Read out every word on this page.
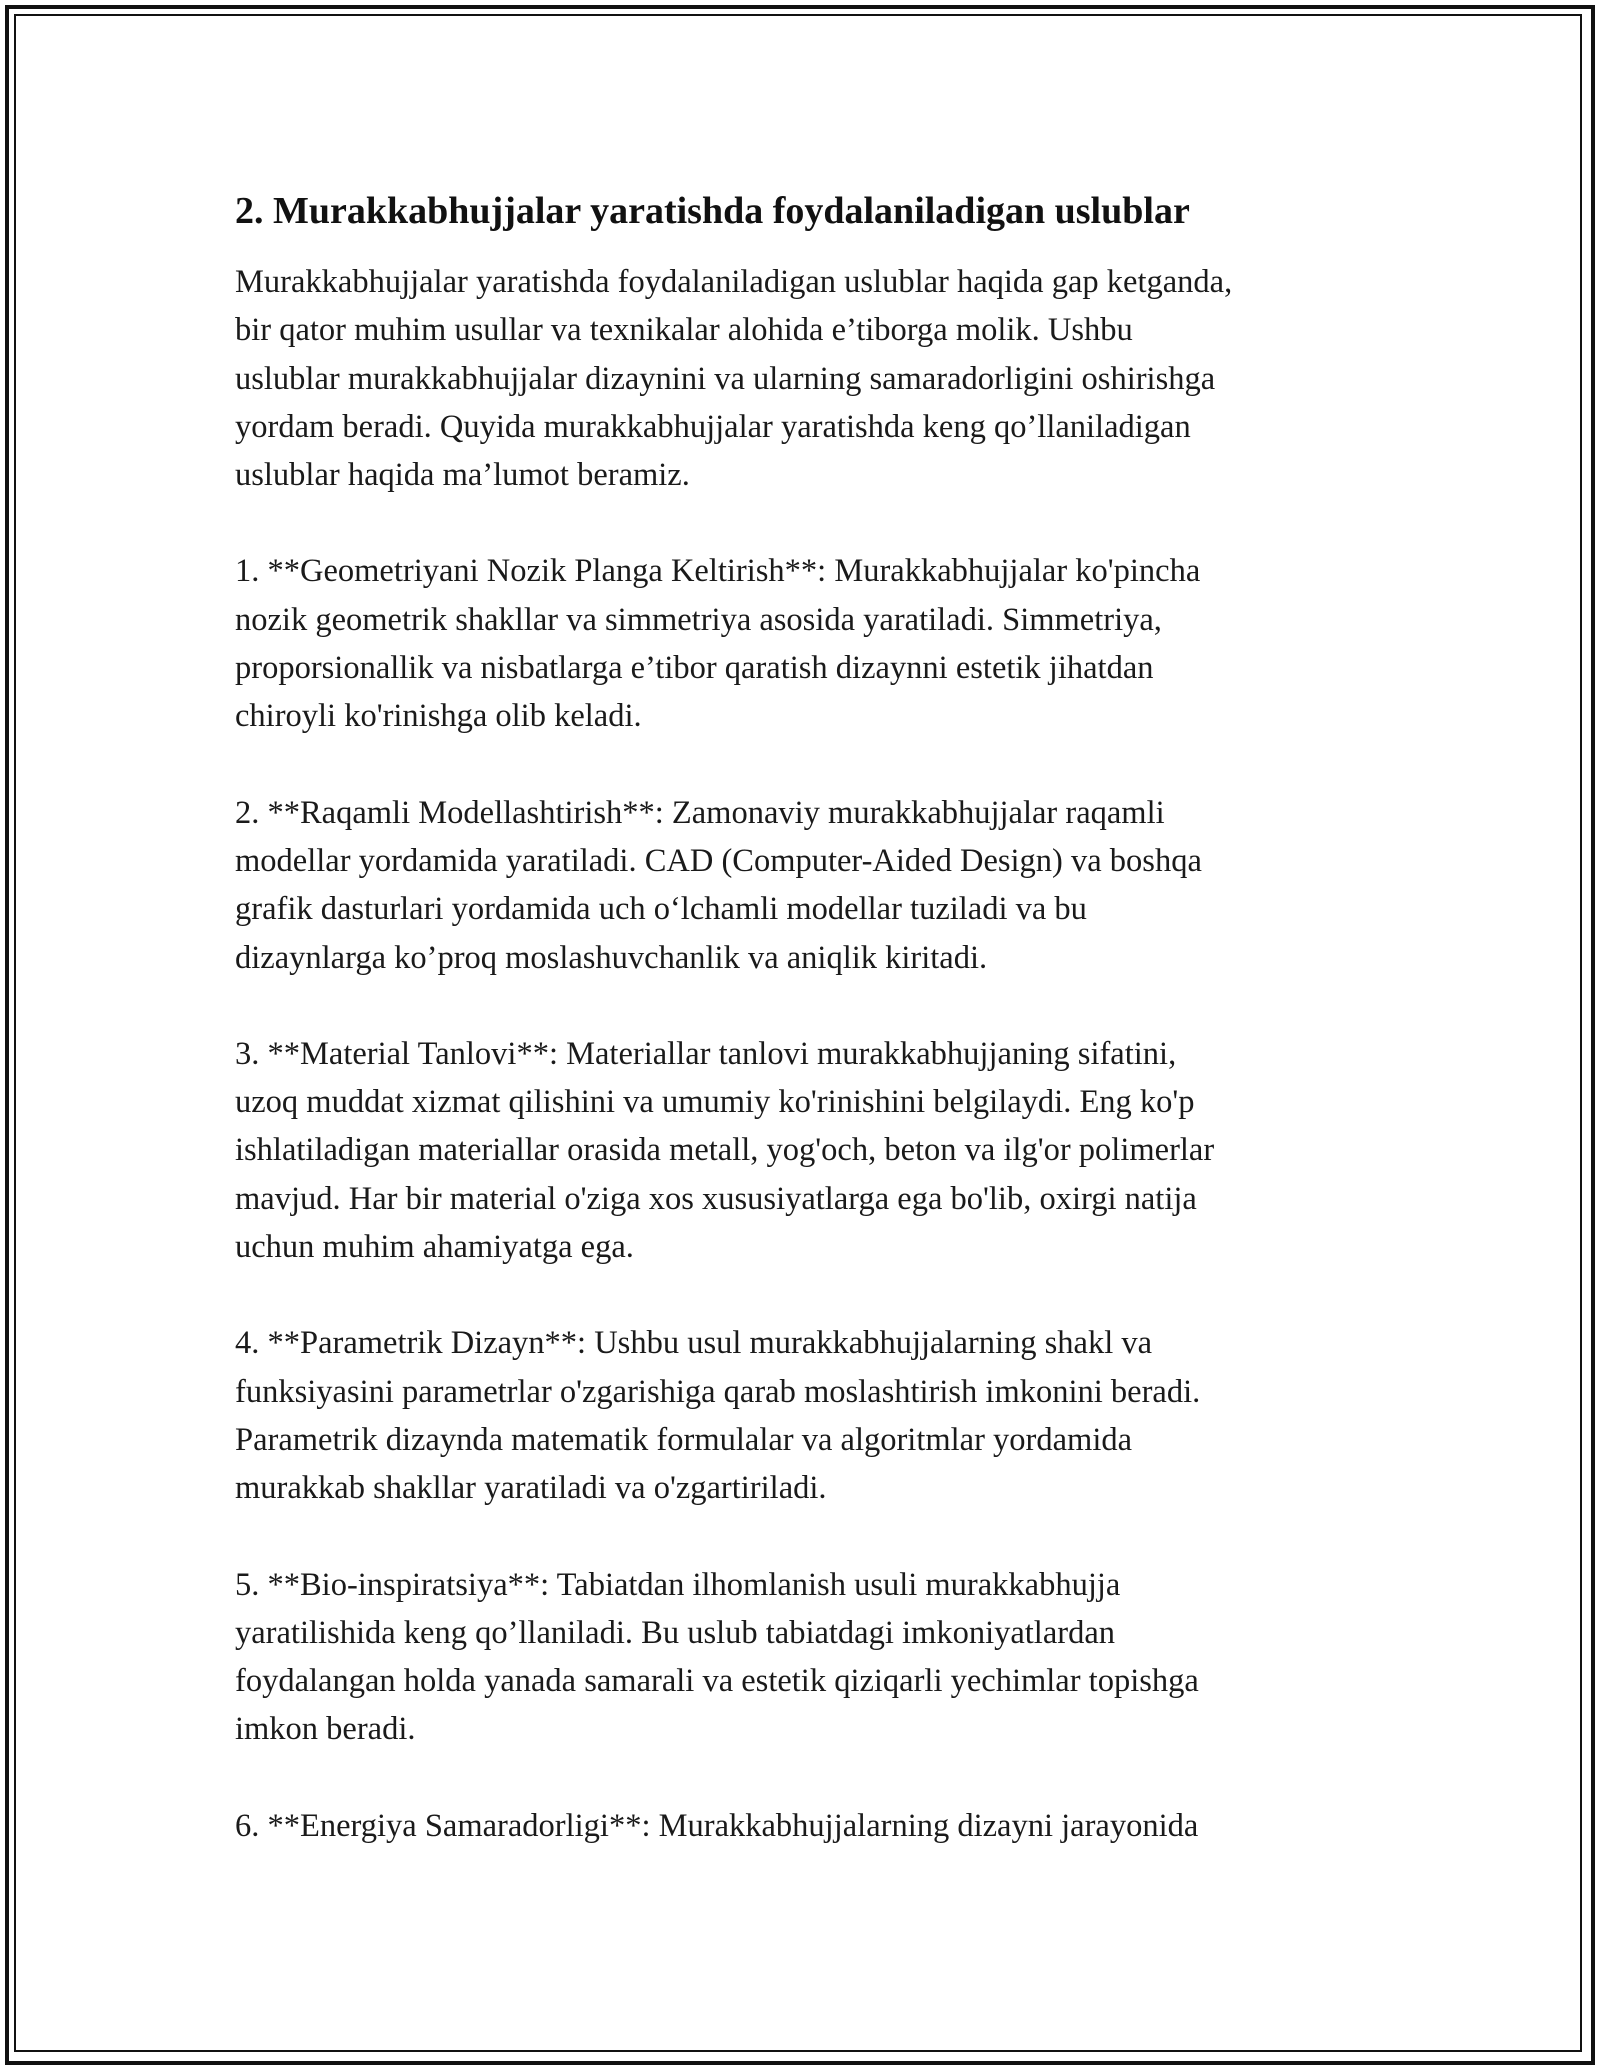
2. Murakkabhujjalar yaratishda foydalaniladigan uslublar

Murakkabhujjalar yaratishda foydalaniladigan uslublar haqida gap ketganda,
bir qator muhim usullar va texnikalar alohida e’tiborga molik. Ushbu
uslublar murakkabhujjalar dizaynini va ularning samaradorligini oshirishga
yordam beradi. Quyida murakkabhujjalar yaratishda keng qo’llaniladigan
uslublar haqida ma’lumot beramiz.

1. **Geometriyani Nozik Planga Keltirish**: Murakkabhujjalar ko'pincha
nozik geometrik shakllar va simmetriya asosida yaratiladi. Simmetriya,
proporsionallik va nisbatlarga e’tibor qaratish dizaynni estetik jihatdan
chiroyli ko'rinishga olib keladi.

2. **Raqamli Modellashtirish**: Zamonaviy murakkabhujjalar raqamli
modellar yordamida yaratiladi. CAD (Computer-Aided Design) va boshqa
grafik dasturlari yordamida uch o‘lchamli modellar tuziladi va bu
dizaynlarga ko’proq moslashuvchanlik va aniqlik kiritadi.

3. **Material Tanlovi**: Materiallar tanlovi murakkabhujjaning sifatini,
uzoq muddat xizmat qilishini va umumiy ko'rinishini belgilaydi. Eng ko'p
ishlatiladigan materiallar orasida metall, yog'och, beton va ilg'or polimerlar
mavjud. Har bir material o'ziga xos xususiyatlarga ega bo'lib, oxirgi natija
uchun muhim ahamiyatga ega.

4. **Parametrik Dizayn**: Ushbu usul murakkabhujjalarning shakl va
funksiyasini parametrlar o'zgarishiga qarab moslashtirish imkonini beradi.
Parametrik dizaynda matematik formulalar va algoritmlar yordamida
murakkab shakllar yaratiladi va o'zgartiriladi.

5. **Bio-inspiratsiya**: Tabiatdan ilhomlanish usuli murakkabhujja
yaratilishida keng qo’llaniladi. Bu uslub tabiatdagi imkoniyatlardan
foydalangan holda yanada samarali va estetik qiziqarli yechimlar topishga
imkon beradi.

6. **Energiya Samaradorligi**: Murakkabhujjalarning dizayni jarayonida
